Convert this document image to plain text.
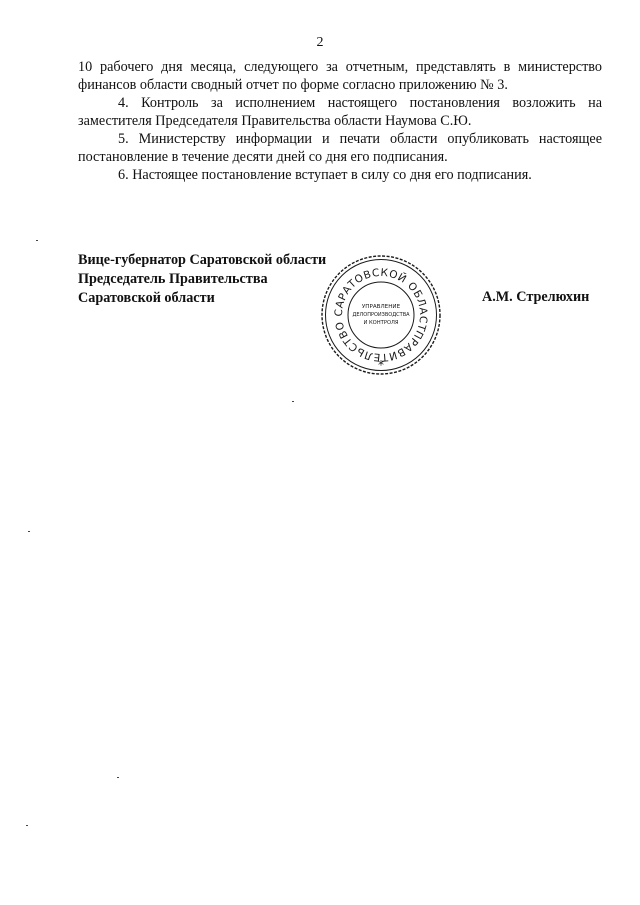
2

10 рабочего дня месяца, следующего за отчетным, представлять в министерство финансов области сводный отчет по форме согласно приложению № 3.

4. Контроль за исполнением настоящего постановления возложить на заместителя Председателя Правительства области Наумова С.Ю.

5. Министерству информации и печати области опубликовать настоящее постановление в течение десяти дней со дня его подписания.

6. Настоящее постановление вступает в силу со дня его подписания.

Вице-губернатор Саратовской области
Председатель Правительства
Саратовской области	А.М. Стрелюхин
ПРАВИТЕЛЬСТВО САРАТОВСКОЙ ОБЛАСТИ
УПРАВЛЕНИЕ
ДЕЛОПРОИЗВОДСТВА
И КОНТРОЛЯ
*
